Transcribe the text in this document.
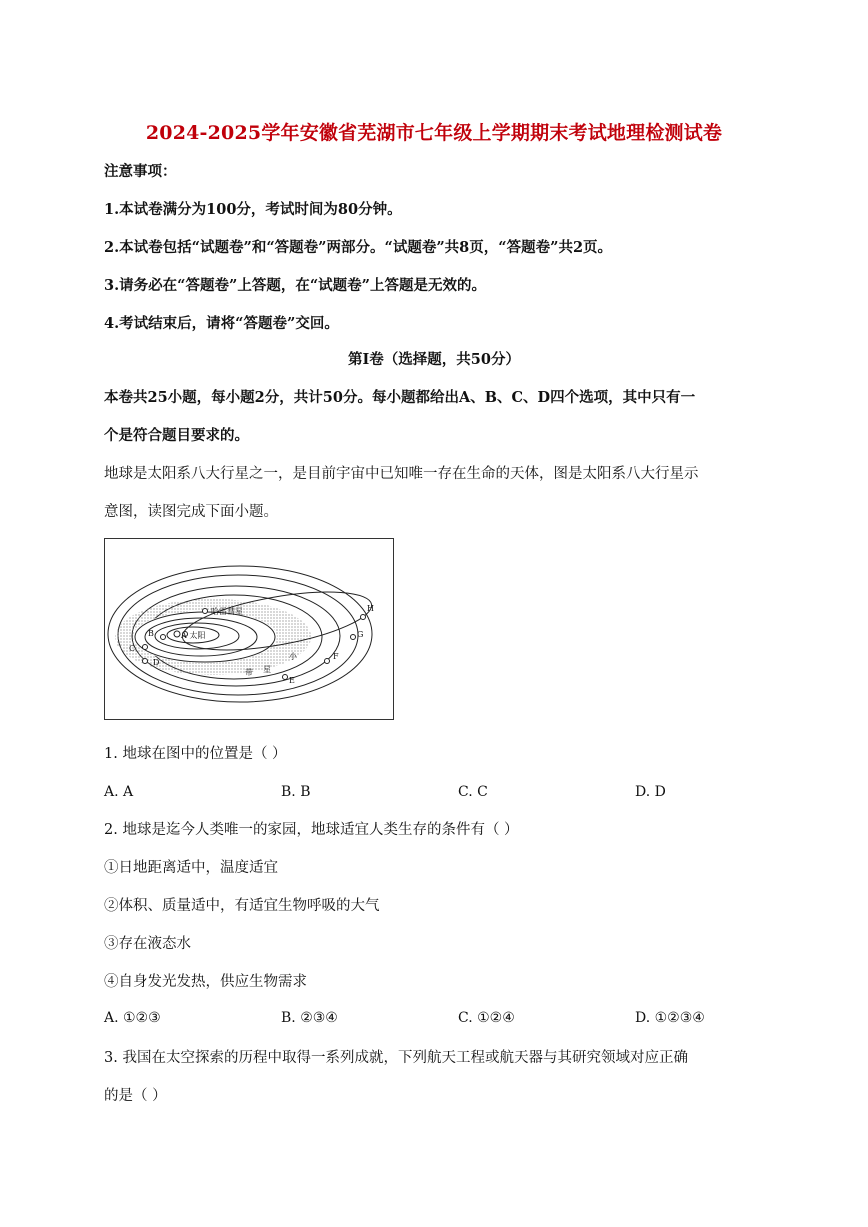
2024-2025学年安徽省芜湖市七年级上学期期末考试地理检测试卷
注意事项：
1.本试卷满分为100分，考试时间为80分钟。
2.本试卷包括“试题卷”和“答题卷”两部分。“试题卷”共8页，“答题卷”共2页。
3.请务必在“答题卷”上答题，在“试题卷”上答题是无效的。
4.考试结束后，请将“答题卷”交回。
第Ⅰ卷（选择题，共50分）
本卷共25小题，每小题2分，共计50分。每小题都给出A、B、C、D四个选项，其中只有一
个是符合题目要求的。
地球是太阳系八大行星之一，是目前宇宙中已知唯一存在生命的天体，图是太阳系八大行星示
意图，读图完成下面小题。
哈雷彗星
A 太阳
B
C
D
E
F
G
H
带 星
小
1. 地球在图中的位置是（ ）
A. A	B. B	C. C	D. D
2. 地球是迄今人类唯一的家园，地球适宜人类生存的条件有（ ）
①日地距离适中，温度适宜
②体积、质量适中，有适宜生物呼吸的大气
③存在液态水
④自身发光发热，供应生物需求
A. ①②③	B. ②③④	C. ①②④	D. ①②③④
3. 我国在太空探索的历程中取得一系列成就，下列航天工程或航天器与其研究领域对应正确
的是（ ）
